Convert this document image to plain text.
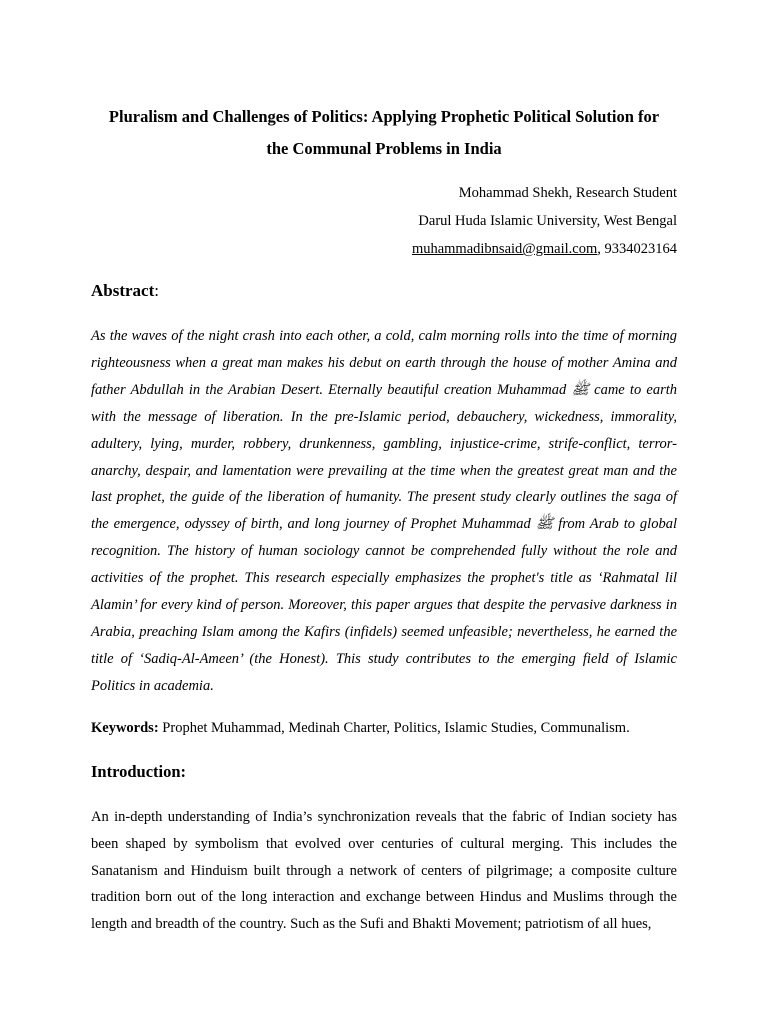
Pluralism and Challenges of Politics: Applying Prophetic Political Solution for
the Communal Problems in India
Mohammad Shekh, Research Student
Darul Huda Islamic University, West Bengal
muhammadibnsaid@gmail.com, 9334023164
Abstract:

As the waves of the night crash into each other, a cold, calm morning rolls into the time of morning righteousness when a great man makes his debut on earth through the house of mother Amina and father Abdullah in the Arabian Desert. Eternally beautiful creation Muhammad ﷺ came to earth with the message of liberation. In the pre-Islamic period, debauchery, wickedness, immorality, adultery, lying, murder, robbery, drunkenness, gambling, injustice-crime, strife-conflict, terror-anarchy, despair, and lamentation were prevailing at the time when the greatest great man and the last prophet, the guide of the liberation of humanity. The present study clearly outlines the saga of the emergence, odyssey of birth, and long journey of Prophet Muhammad ﷺ from Arab to global recognition. The history of human sociology cannot be comprehended fully without the role and activities of the prophet. This research especially emphasizes the prophet's title as ‘Rahmatal lil Alamin’ for every kind of person. Moreover, this paper argues that despite the pervasive darkness in Arabia, preaching Islam among the Kafirs (infidels) seemed unfeasible; nevertheless, he earned the title of ‘Sadiq-Al-Ameen’ (the Honest). This study contributes to the emerging field of Islamic Politics in academia.

Keywords: Prophet Muhammad, Medinah Charter, Politics, Islamic Studies, Communalism.

Introduction:

An in-depth understanding of India’s synchronization reveals that the fabric of Indian society has been shaped by symbolism that evolved over centuries of cultural merging. This includes the Sanatanism and Hinduism built through a network of centers of pilgrimage; a composite culture tradition born out of the long interaction and exchange between Hindus and Muslims through the length and breadth of the country. Such as the Sufi and Bhakti Movement; patriotism of all hues,
